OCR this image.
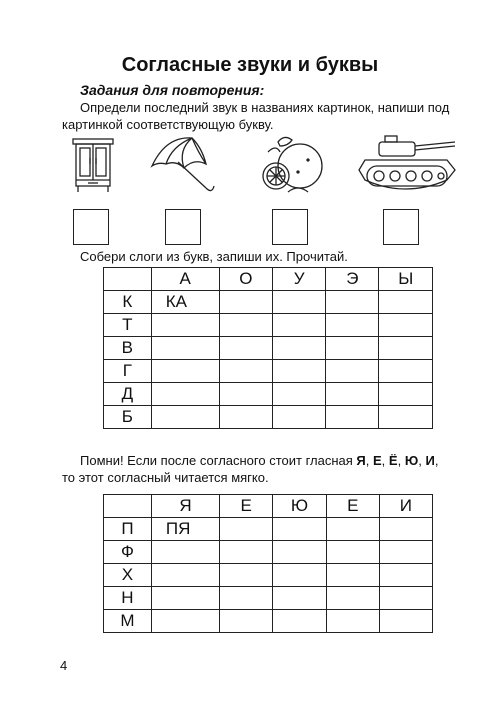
Согласные звуки и буквы
Задания для повторения:
Определи последний звук в названиях картинок, напиши под
картинкой соответствующую букву.
Собери слоги из букв, запиши их. Прочитай.
	А	О	У	Э	Ы
К	КА				
Т					
В					
Г					
Д					
Б					
Помни! Если после согласного стоит гласная Я, Е, Ё, Ю, И,
то этот согласный читается мягко.
	Я	Е	Ю	Е	И
П	ПЯ				
Ф					
Х					
Н					
М					
4
